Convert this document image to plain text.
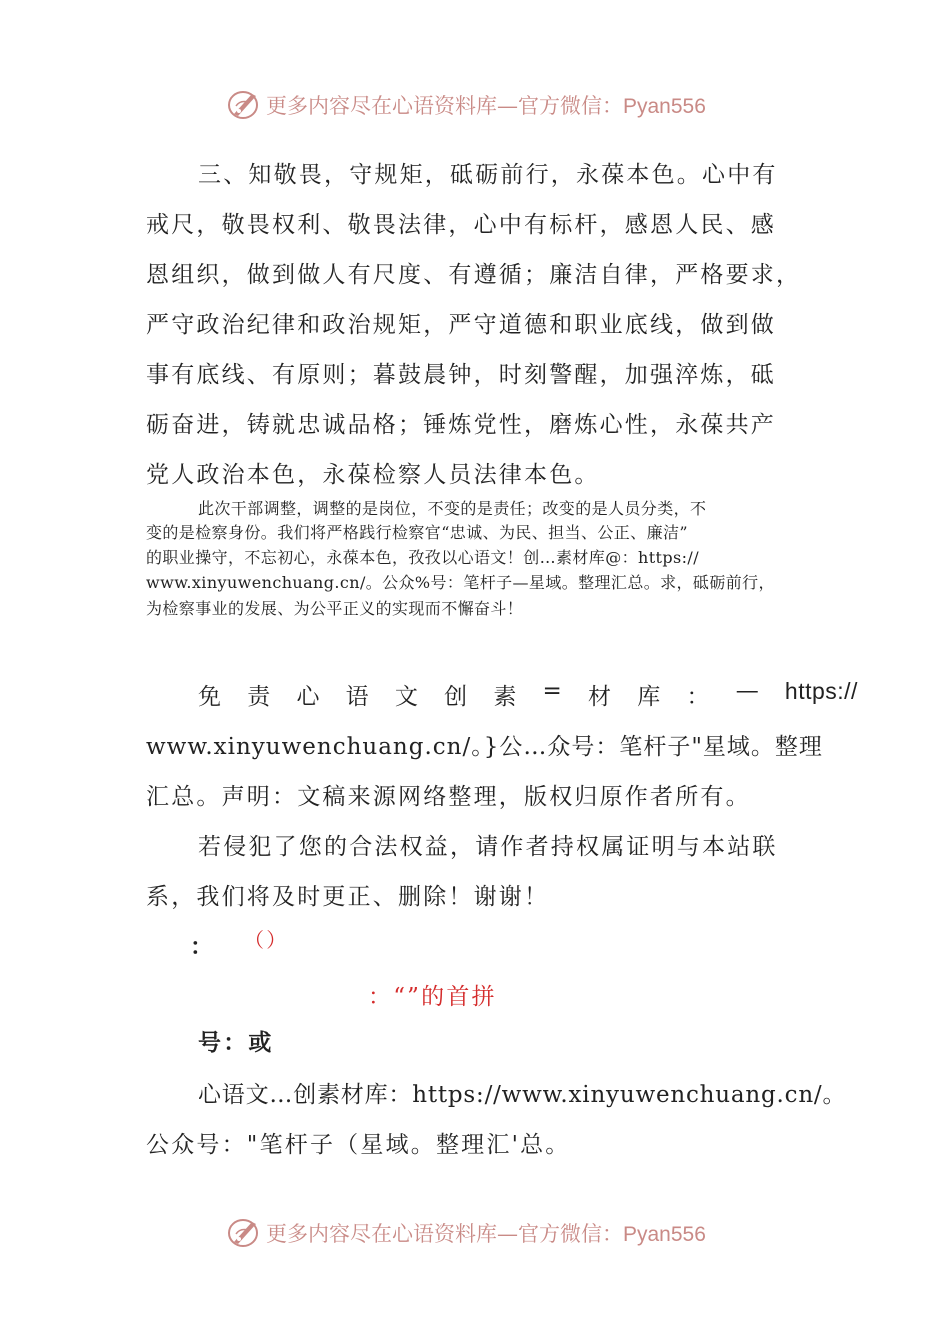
更多内容尽在心语资料库—官方微信：Pyan556
三、知敬畏，守规矩，砥砺前行，永葆本色。心中有
戒尺，敬畏权利、敬畏法律，心中有标杆，感恩人民、感
恩组织，做到做人有尺度、有遵循；廉洁自律，严格要求，
严守政治纪律和政治规矩，严守道德和职业底线，做到做
事有底线、有原则；暮鼓晨钟，时刻警醒，加强淬炼，砥
砺奋进，铸就忠诚品格；锤炼党性，磨炼心性，永葆共产
党人政治本色，永葆检察人员法律本色。
此次干部调整，调整的是岗位，不变的是责任；改变的是人员分类，不
变的是检察身份。我们将严格践行检察官“忠诚、为民、担当、公正、廉洁”
的职业操守，不忘初心，永葆本色，孜孜以心语文！创…素材库@：https://
www.xinyuwenchuang.cn/。公众%号：笔杆子—星域。整理汇总。求，砥砺前行，
为检察事业的发展、为公平正义的实现而不懈奋斗！
免 责 心 语 文 创 素 = 材 库 ： — https://
www.xinyuwenchuang.cn/。}公…众号：笔杆子"星域。整理
汇总。声明：文稿来源网络整理，版权归原作者所有。
若侵犯了您的合法权益，请作者持权属证明与本站联
系，我们将及时更正、删除！谢谢！
： （）
：“”的首拼
号：或
心语文…创素材库：https://www.xinyuwenchuang.cn/。
公众号："笔杆子（星域。整理汇'总。
更多内容尽在心语资料库—官方微信：Pyan556
